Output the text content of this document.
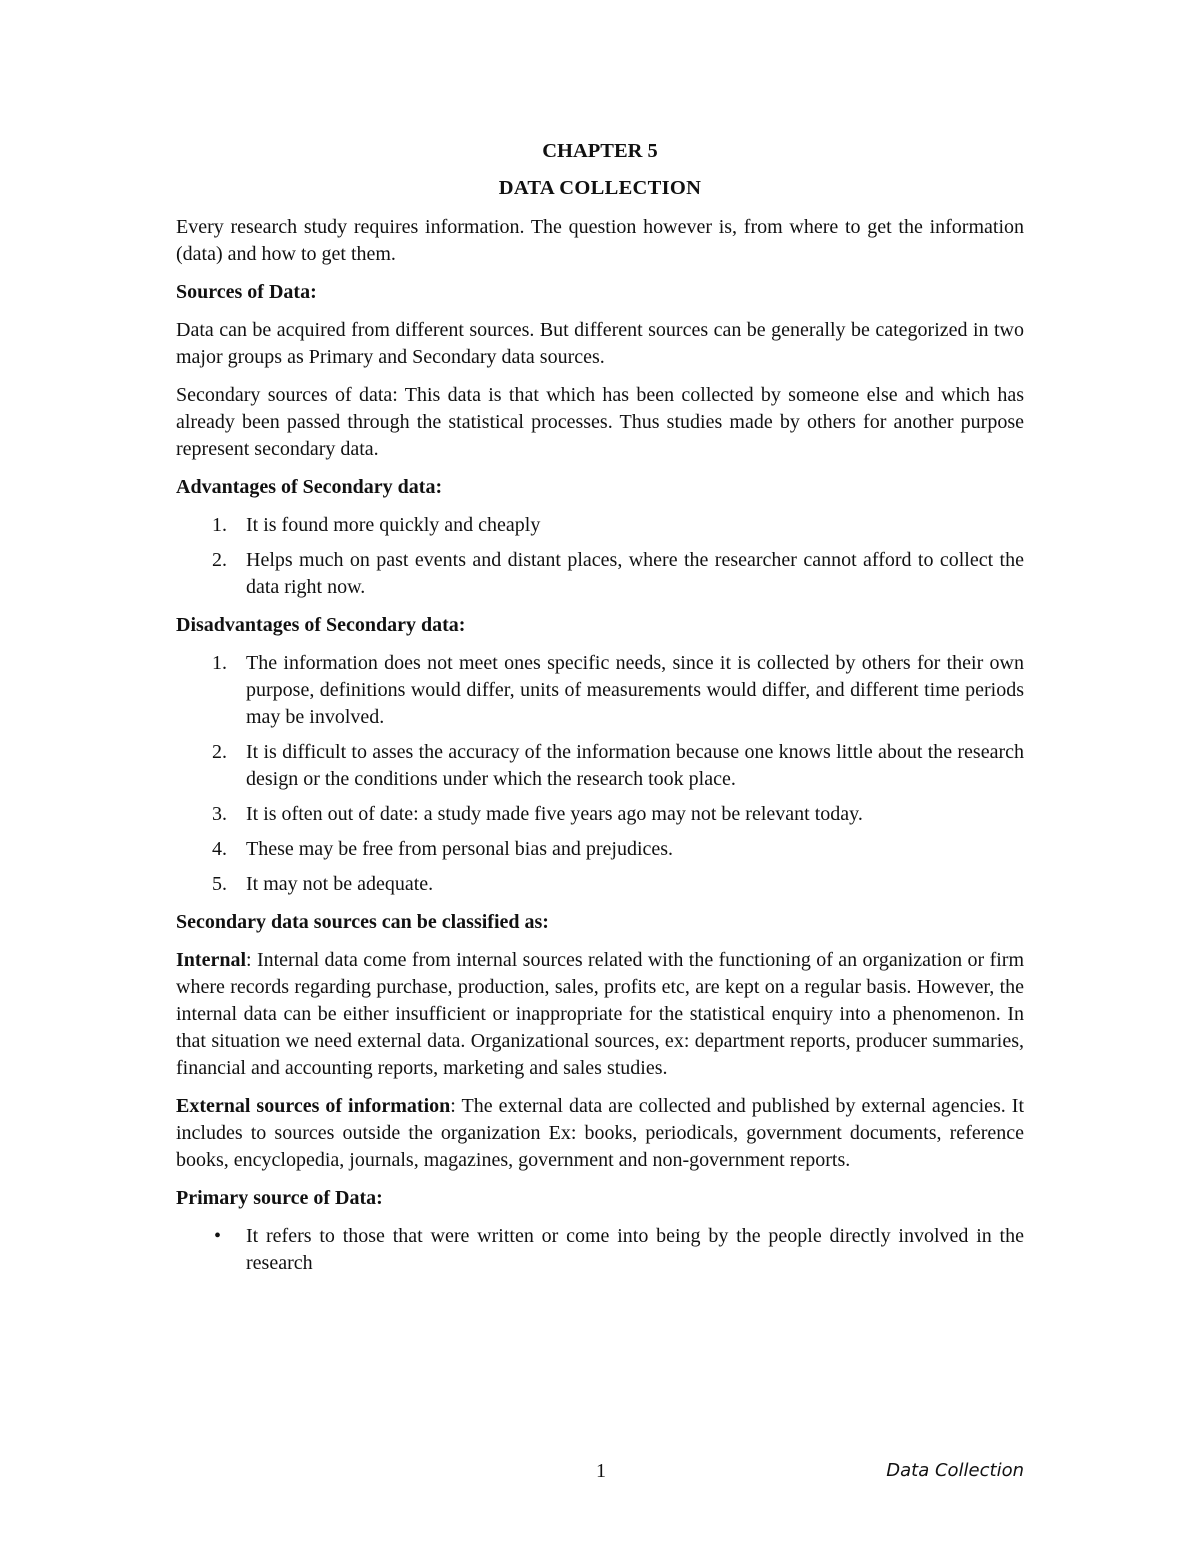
CHAPTER 5
DATA COLLECTION

Every research study requires information. The question however is, from where to get the information (data) and how to get them.

Sources of Data:

Data can be acquired from different sources. But different sources can be generally be categorized in two major groups as Primary and Secondary data sources.

Secondary sources of data: This data is that which has been collected by someone else and which has already been passed through the statistical processes. Thus studies made by others for another purpose represent secondary data.

Advantages of Secondary data:
1. It is found more quickly and cheaply
2. Helps much on past events and distant places, where the researcher cannot afford to collect the data right now.
Disadvantages of Secondary data:
1. The information does not meet ones specific needs, since it is collected by others for their own purpose, definitions would differ, units of measurements would differ, and different time periods may be involved.
2. It is difficult to asses the accuracy of the information because one knows little about the research design or the conditions under which the research took place.
3. It is often out of date: a study made five years ago may not be relevant today.
4. These may be free from personal bias and prejudices.
5. It may not be adequate.
Secondary data sources can be classified as:

Internal: Internal data come from internal sources related with the functioning of an organization or firm where records regarding purchase, production, sales, profits etc, are kept on a regular basis. However, the internal data can be either insufficient or inappropriate for the statistical enquiry into a phenomenon. In that situation we need external data. Organizational sources, ex: department reports, producer summaries, financial and accounting reports, marketing and sales studies.

External sources of information: The external data are collected and published by external agencies. It includes to sources outside the organization Ex: books, periodicals, government documents, reference books, encyclopedia, journals, magazines, government and non-government reports.

Primary source of Data:
• It refers to those that were written or come into being by the people directly involved in the research
1	Data Collection
